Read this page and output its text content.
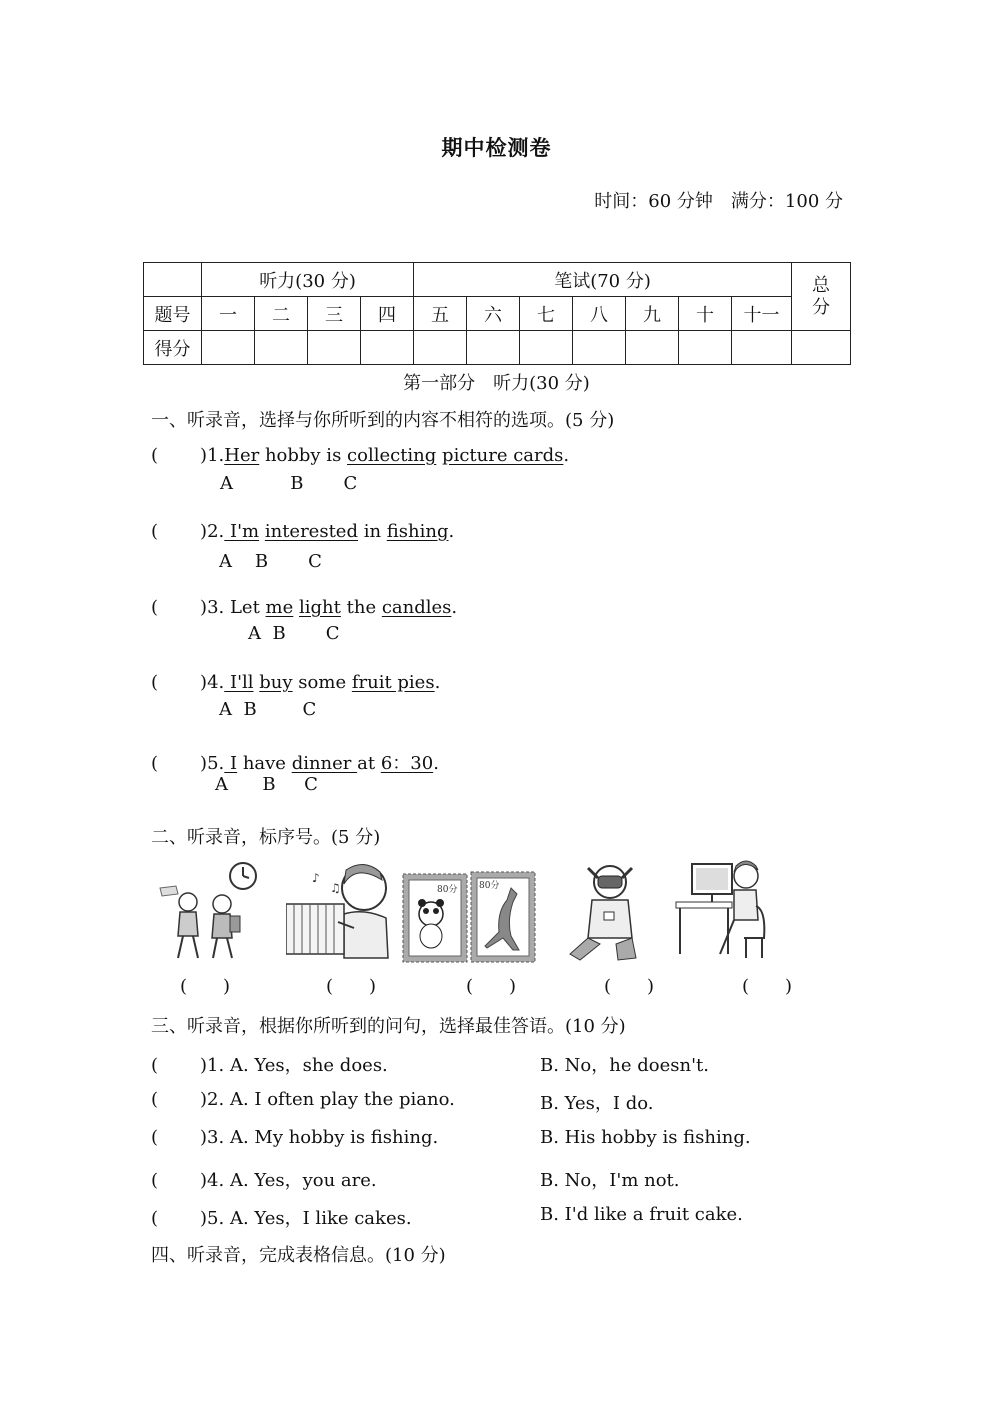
期中检测卷
时间：60 分钟　满分：100 分
	听力(30 分)				笔试(70 分)							总分
题号	一	二	三	四	五	六	七	八	九	十	十一	
得分												
第一部分　听力(30 分)
一、听录音，选择与你所听到的内容不相符的选项。(5 分)
( )1.Her hobby is collecting picture cards.
A          B       C
( )2. I'm interested in fishing.
A    B       C
( )3. Let me light the candles.
A  B       C
( )4. I'll buy some fruit pies.
A  B        C
( )5. I have dinner at 6：30.
A      B     C
二、听录音，标序号。(5 分)
♪
♫	80分 80分
(　　)	(　　)	(　　)	(　　)	(　　)
三、听录音，根据你所听到的问句，选择最佳答语。(10 分)
( )1. A. Yes，she does.	B. No，he doesn't.
( )2. A. I often play the piano.	B. Yes，I do.
( )3. A. My hobby is fishing.	B. His hobby is fishing.
( )4. A. Yes，you are.	B. No，I'm not.
( )5. A. Yes，I like cakes.	B. I'd like a fruit cake.
四、听录音，完成表格信息。(10 分)
